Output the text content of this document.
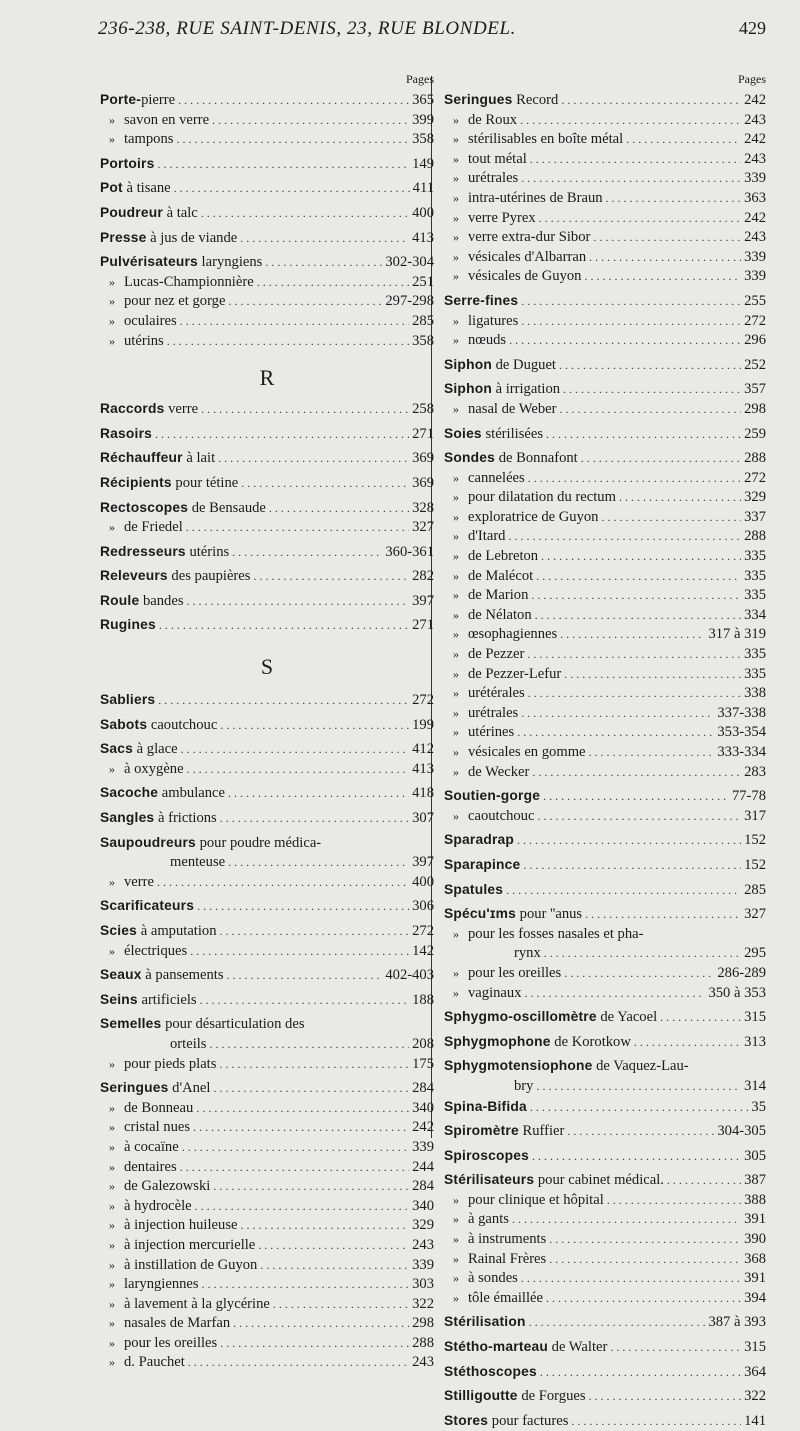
236-238, RUE SAINT-DENIS, 23, RUE BLONDEL.	429
Pages
Porte-pierre . . .	365
» savon en verre . . .	399
» tampons . . .	358
Portoirs . . .	149
Pot à tisane . . .	411
Poudreur à talc . . .	400
Presse à jus de viande . . .	413
Pulvérisateurs laryngiens . . .	302-304
» Lucas-Championnière . . .	251
» pour nez et gorge . . .	297-298
» oculaires . . .	285
» utérins . . .	358
R
Raccords verre . . .	258
Rasoirs . . .	271
Réchauffeur à lait . . .	369
Récipients pour tétine . . .	369
Rectoscopes de Bensaude . . .	328
» de Friedel . . .	327
Redresseurs utérins . . .	360-361
Releveurs des paupières . . .	282
Roule bandes . . .	397
Rugines . . .	271
S
Sabliers . . .	272
Sabots caoutchouc . . .	199
Sacs à glace . . .	412
» à oxygène . . .	413
Sacoche ambulance . . .	418
Sangles à frictions . . .	307
Saupoudreurs pour poudre médica-
menteuse . . .	397
» verre . . .	400
Scarificateurs . . .	306
Scies à amputation . . .	272
» électriques . . .	142
Seaux à pansements . . .	402-403
Seins artificiels . . .	188
Semelles pour désarticulation des
orteils . . .	208
» pour pieds plats . . .	175
Seringues d'Anel . . .	284
» de Bonneau . . .	340
» cristal nues . . .	242
» à cocaïne . . .	339
» dentaires . . .	244
» de Galezowski . . .	284
» à hydrocèle . . .	340
» à injection huileuse . . .	329
» à injection mercurielle . . .	243
» à instillation de Guyon . . .	339
» laryngiennes . . .	303
» à lavement à la glycérine . . .	322
» nasales de Marfan . . .	298
» pour les oreilles . . .	288
» d. Pauchet . . .	243
Pages
Seringues Record . . .	242
» de Roux . . .	243
» stérilisables en boîte métal . . .	242
» tout métal . . .	243
» urétrales . . .	339
» intra-utérines de Braun . . .	363
» verre Pyrex . . .	242
» verre extra-dur Sibor . . .	243
» vésicales d'Albarran . . .	339
» vésicales de Guyon . . .	339
Serre-fines . . .	255
» ligatures . . .	272
» nœuds . . .	296
Siphon de Duguet . . .	252
Siphon à irrigation . . .	357
» nasal de Weber . . .	298
Soies stérilisées . . .	259
Sondes de Bonnafont . . .	288
» cannelées . . .	272
» pour dilatation du rectum . . .	329
» exploratrice de Guyon . . .	337
» d'Itard . . .	288
» de Lebreton . . .	335
» de Malécot . . .	335
» de Marion . . .	335
» de Nélaton . . .	334
» œsophagiennes . . .	317 à 319
» de Pezzer . . .	335
» de Pezzer-Lefur . . .	335
» urétérales . . .	338
» urétrales . . .	337-338
» utérines . . .	353-354
» vésicales en gomme . . .	333-334
» de Wecker . . .	283
Soutien-gorge . . .	77-78
» caoutchouc . . .	317
Sparadrap . . .	152
Sparapince . . .	152
Spatules . . .	285
Spécu'ɪms pour ''anus . . .	327
» pour les fosses nasales et pha-
rynx . . .	295
» pour les oreilles . . .	286-289
» vaginaux . . .	350 à 353
Sphygmo-oscillomètre de Yacoel . . .	315
Sphygmophone de Korotkow . . .	313
Sphygmotensiophone de Vaquez-Lau-
bry . . .	314
Spina-Bifida . . .	35
Spiromètre Ruffier . . .	304-305
Spiroscopes . . .	305
Stérilisateurs pour cabinet médical. . . .	387
» pour clinique et hôpital . . .	388
» à gants . . .	391
» à instruments . . .	390
» Rainal Frères . . .	368
» à sondes . . .	391
» tôle émaillée . . .	394
Stérilisation . . .	387 à 393
Stétho-marteau de Walter . . .	315
Stéthoscopes . . .	364
Stilligoutte de Forgues . . .	322
Stores pour factures . . .	141
